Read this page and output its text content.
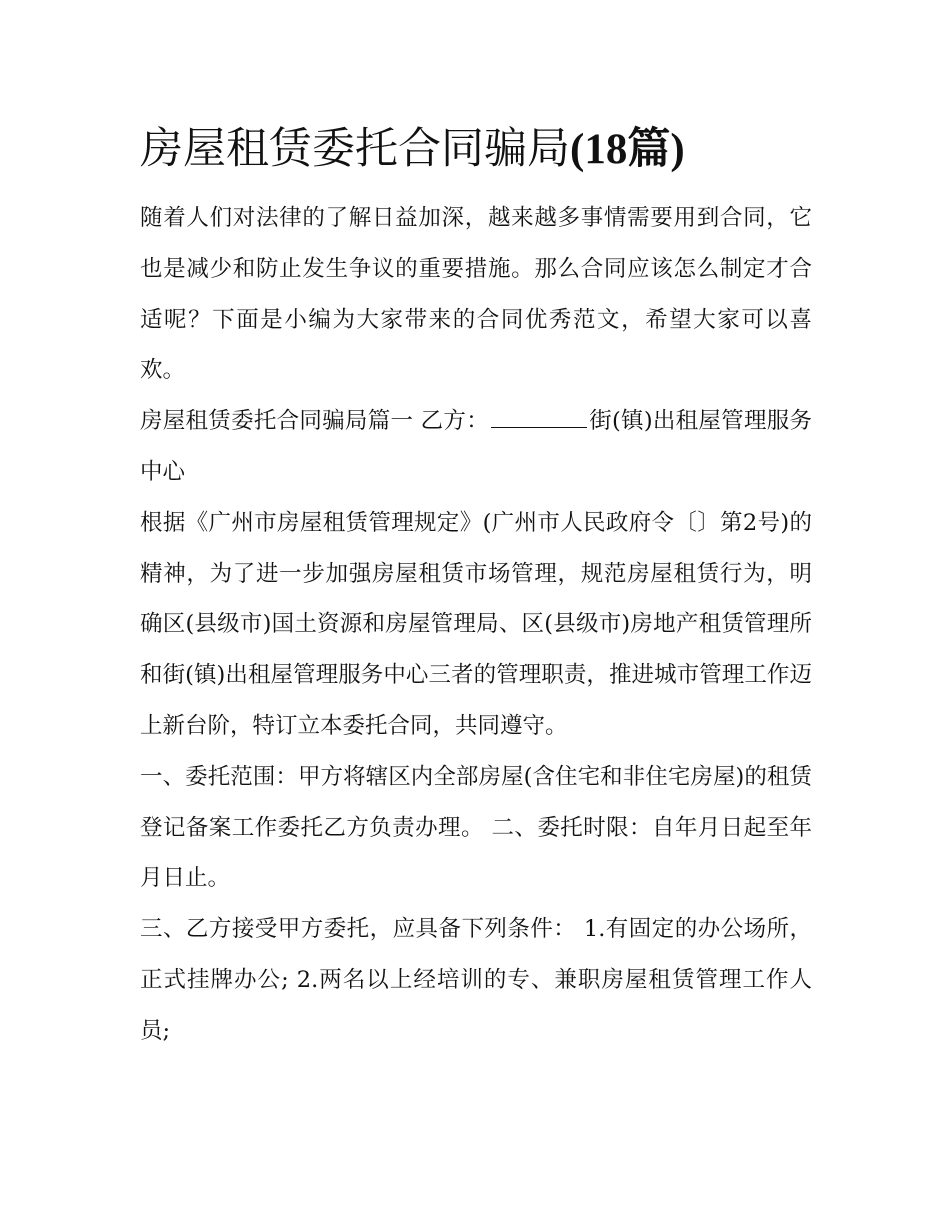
房屋租赁委托合同骗局(18篇)

随着人们对法律的了解日益加深，越来越多事情需要用到合同，它也是减少和防止发生争议的重要措施。那么合同应该怎么制定才合适呢？下面是小编为大家带来的合同优秀范文，希望大家可以喜欢。

房屋租赁委托合同骗局篇一 乙方：	街(镇)出租屋管理服务中心

根据《广州市房屋租赁管理规定》(广州市人民政府令〔〕第2号)的精神，为了进一步加强房屋租赁市场管理，规范房屋租赁行为，明确区(县级市)国土资源和房屋管理局、区(县级市)房地产租赁管理所和街(镇)出租屋管理服务中心三者的管理职责，推进城市管理工作迈上新台阶，特订立本委托合同，共同遵守。

一、委托范围：甲方将辖区内全部房屋(含住宅和非住宅房屋)的租赁登记备案工作委托乙方负责办理。 二、委托时限：自年月日起至年月日止。

三、乙方接受甲方委托，应具备下列条件： 1.有固定的办公场所，正式挂牌办公; 2.两名以上经培训的专、兼职房屋租赁管理工作人员;
